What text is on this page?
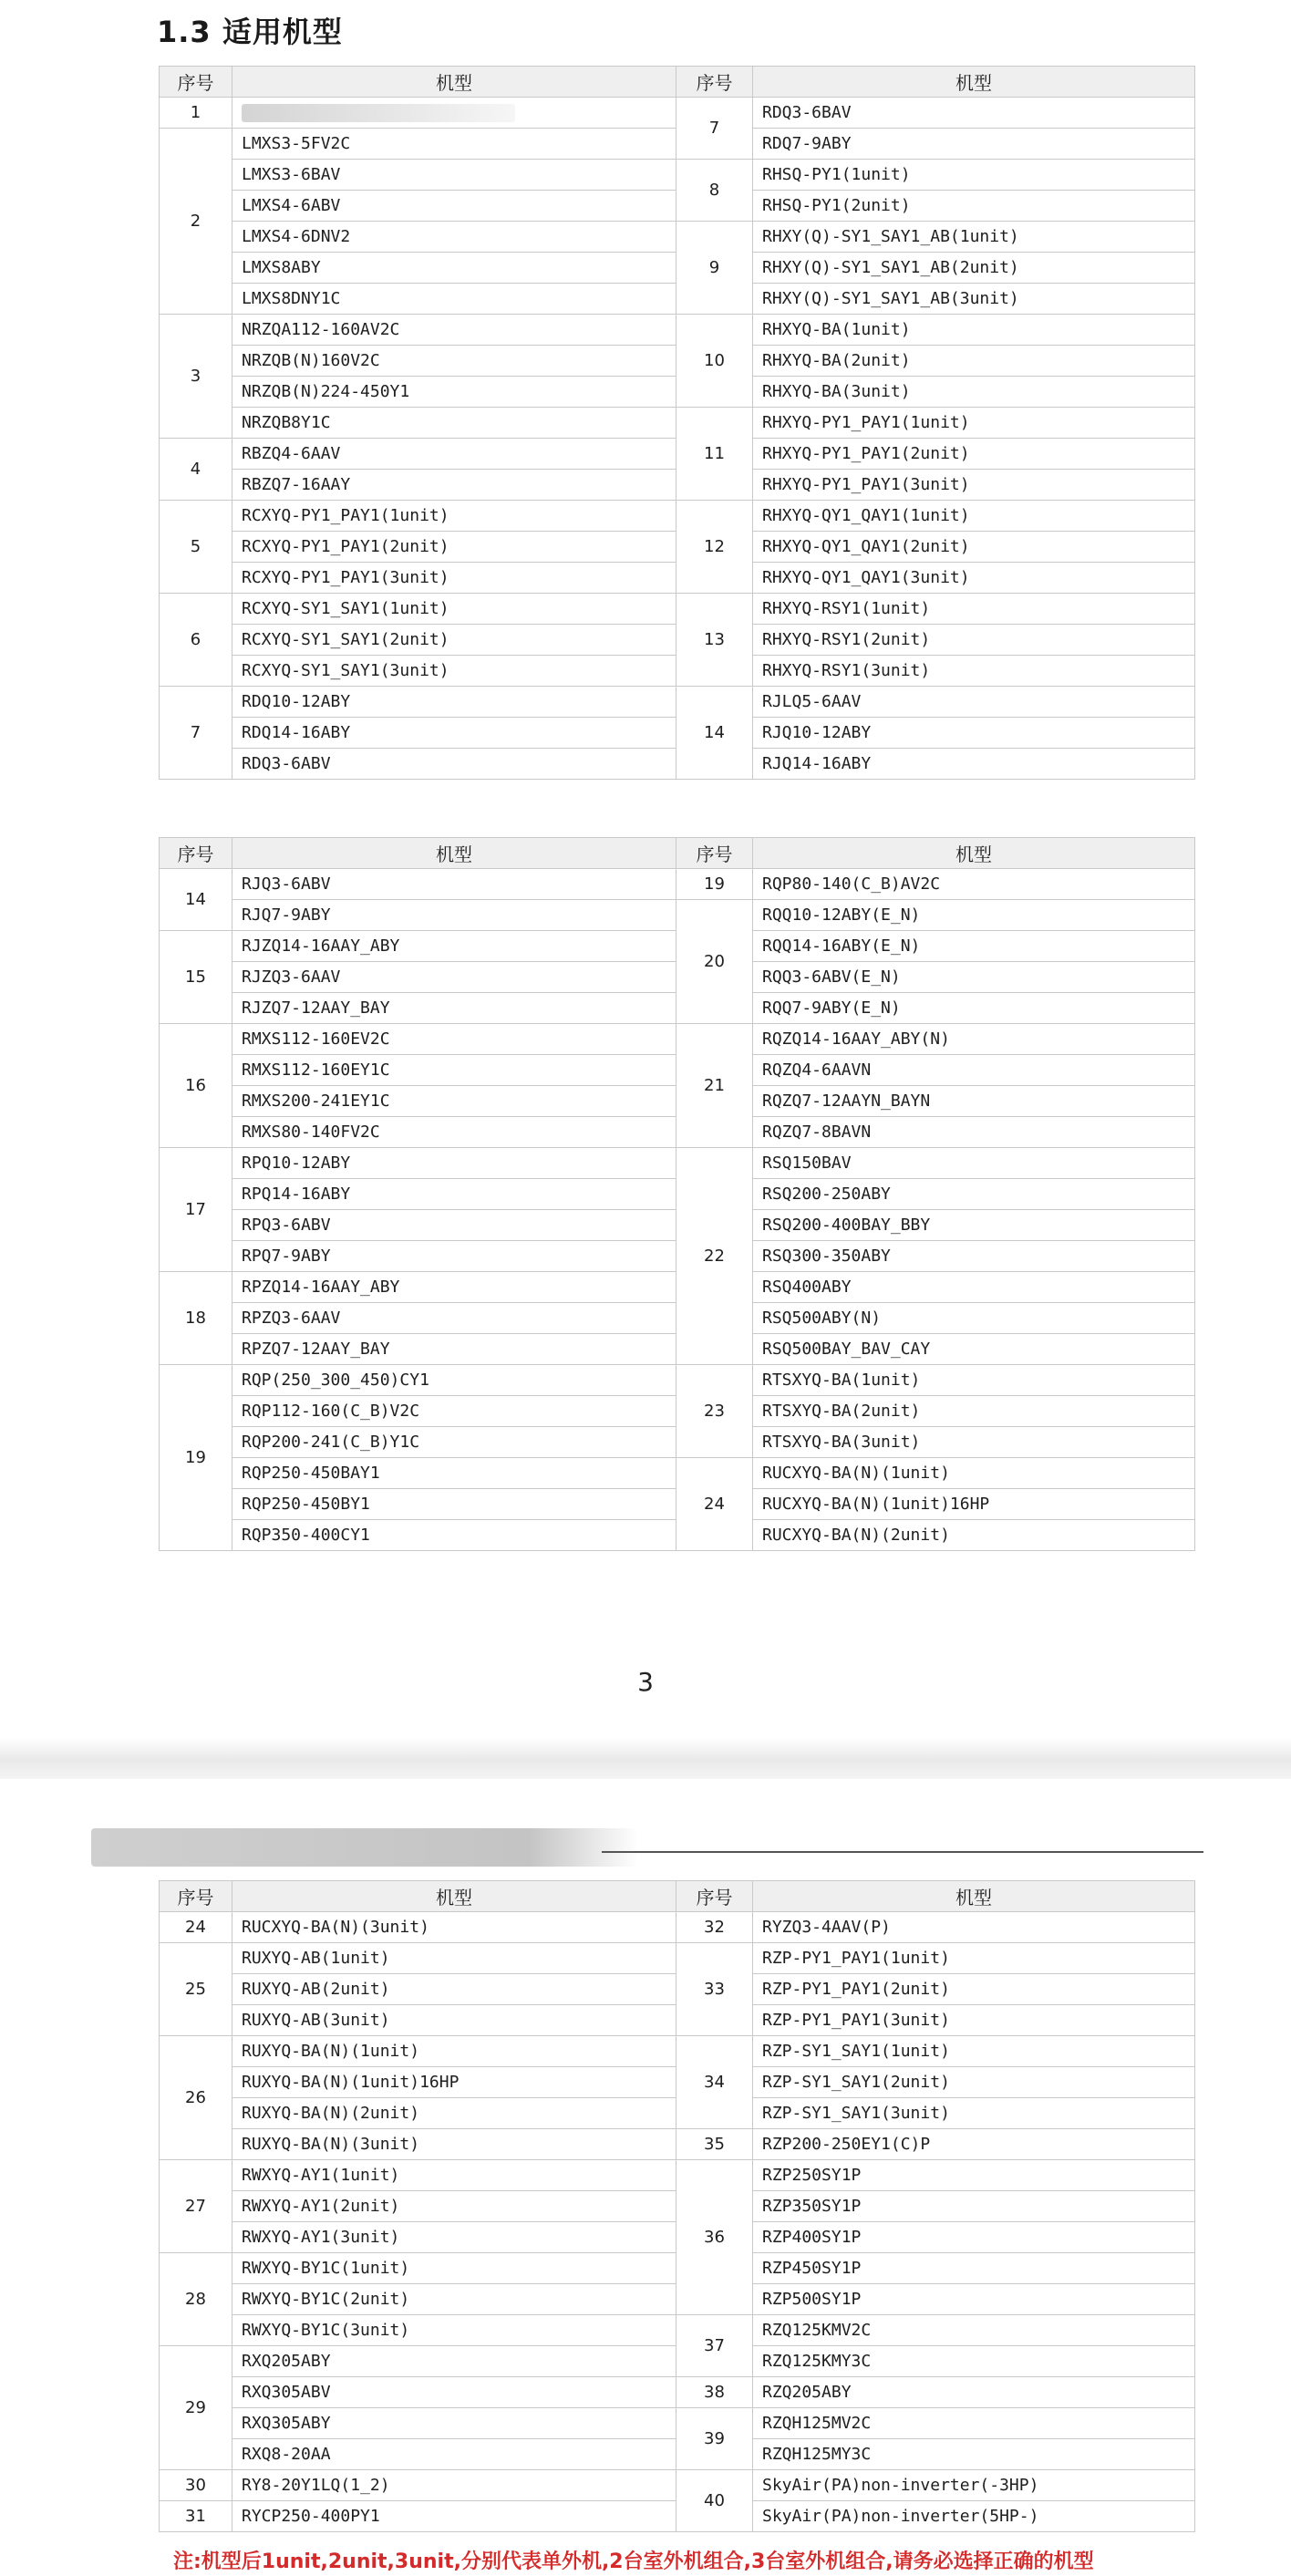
1.3 适用机型
序号	机型	序号	机型
1		7	RDQ3-6BAV
2	LMXS3-5FV2C		RDQ7-9ABY
	LMXS3-6BAV	8	RHSQ-PY1(1unit)
	LMXS4-6ABV		RHSQ-PY1(2unit)
	LMXS4-6DNV2	9	RHXY(Q)-SY1_SAY1_AB(1unit)
	LMXS8ABY		RHXY(Q)-SY1_SAY1_AB(2unit)
	LMXS8DNY1C		RHXY(Q)-SY1_SAY1_AB(3unit)
3	NRZQA112-160AV2C	10	RHXYQ-BA(1unit)
	NRZQB(N)160V2C		RHXYQ-BA(2unit)
	NRZQB(N)224-450Y1		RHXYQ-BA(3unit)
	NRZQB8Y1C	11	RHXYQ-PY1_PAY1(1unit)
4	RBZQ4-6AAV		RHXYQ-PY1_PAY1(2unit)
	RBZQ7-16AAY		RHXYQ-PY1_PAY1(3unit)
5	RCXYQ-PY1_PAY1(1unit)	12	RHXYQ-QY1_QAY1(1unit)
	RCXYQ-PY1_PAY1(2unit)		RHXYQ-QY1_QAY1(2unit)
	RCXYQ-PY1_PAY1(3unit)		RHXYQ-QY1_QAY1(3unit)
6	RCXYQ-SY1_SAY1(1unit)	13	RHXYQ-RSY1(1unit)
	RCXYQ-SY1_SAY1(2unit)		RHXYQ-RSY1(2unit)
	RCXYQ-SY1_SAY1(3unit)		RHXYQ-RSY1(3unit)
7	RDQ10-12ABY	14	RJLQ5-6AAV
	RDQ14-16ABY		RJQ10-12ABY
	RDQ3-6ABV		RJQ14-16ABY
序号	机型	序号	机型
14	RJQ3-6ABV	19	RQP80-140(C_B)AV2C
	RJQ7-9ABY	20	RQQ10-12ABY(E_N)
15	RJZQ14-16AAY_ABY		RQQ14-16ABY(E_N)
	RJZQ3-6AAV		RQQ3-6ABV(E_N)
	RJZQ7-12AAY_BAY		RQQ7-9ABY(E_N)
16	RMXS112-160EV2C	21	RQZQ14-16AAY_ABY(N)
	RMXS112-160EY1C		RQZQ4-6AAVN
	RMXS200-241EY1C		RQZQ7-12AAYN_BAYN
	RMXS80-140FV2C		RQZQ7-8BAVN
17	RPQ10-12ABY	22	RSQ150BAV
	RPQ14-16ABY		RSQ200-250ABY
	RPQ3-6ABV		RSQ200-400BAY_BBY
	RPQ7-9ABY		RSQ300-350ABY
18	RPZQ14-16AAY_ABY		RSQ400ABY
	RPZQ3-6AAV		RSQ500ABY(N)
	RPZQ7-12AAY_BAY		RSQ500BAY_BAV_CAY
19	RQP(250_300_450)CY1	23	RTSXYQ-BA(1unit)
	RQP112-160(C_B)V2C		RTSXYQ-BA(2unit)
	RQP200-241(C_B)Y1C		RTSXYQ-BA(3unit)
	RQP250-450BAY1	24	RUCXYQ-BA(N)(1unit)
	RQP250-450BY1		RUCXYQ-BA(N)(1unit)16HP
	RQP350-400CY1		RUCXYQ-BA(N)(2unit)
3
序号	机型	序号	机型
24	RUCXYQ-BA(N)(3unit)	32	RYZQ3-4AAV(P)
25	RUXYQ-AB(1unit)	33	RZP-PY1_PAY1(1unit)
	RUXYQ-AB(2unit)		RZP-PY1_PAY1(2unit)
	RUXYQ-AB(3unit)		RZP-PY1_PAY1(3unit)
26	RUXYQ-BA(N)(1unit)	34	RZP-SY1_SAY1(1unit)
	RUXYQ-BA(N)(1unit)16HP		RZP-SY1_SAY1(2unit)
	RUXYQ-BA(N)(2unit)		RZP-SY1_SAY1(3unit)
	RUXYQ-BA(N)(3unit)	35	RZP200-250EY1(C)P
27	RWXYQ-AY1(1unit)	36	RZP250SY1P
	RWXYQ-AY1(2unit)		RZP350SY1P
	RWXYQ-AY1(3unit)		RZP400SY1P
28	RWXYQ-BY1C(1unit)		RZP450SY1P
	RWXYQ-BY1C(2unit)		RZP500SY1P
	RWXYQ-BY1C(3unit)	37	RZQ125KMV2C
29	RXQ205ABY		RZQ125KMY3C
	RXQ305ABV	38	RZQ205ABY
	RXQ305ABY	39	RZQH125MV2C
	RXQ8-20AA		RZQH125MY3C
30	RY8-20Y1LQ(1_2)	40	SkyAir(PA)non-inverter(-3HP)
31	RYCP250-400PY1		SkyAir(PA)non-inverter(5HP-)
注:机型后1unit,2unit,3unit,分别代表单外机,2台室外机组合,3台室外机组合,请务必选择正确的机型
